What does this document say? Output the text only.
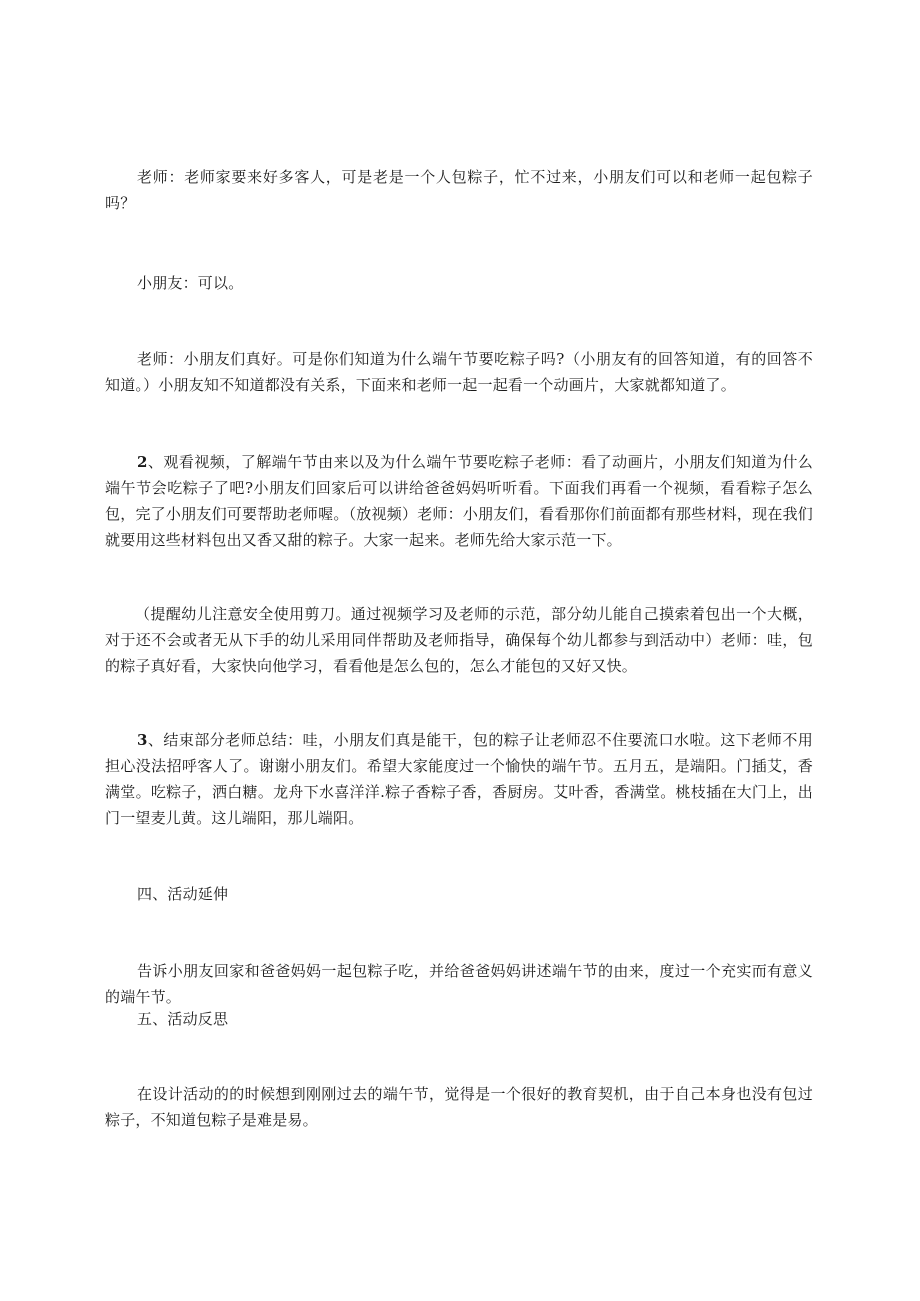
老师：老师家要来好多客人，可是老是一个人包粽子，忙不过来，小朋友们可以和老师一起包粽子吗？

小朋友：可以。

老师：小朋友们真好。可是你们知道为什么端午节要吃粽子吗?（小朋友有的回答知道，有的回答不知道。）小朋友知不知道都没有关系，下面来和老师一起一起看一个动画片，大家就都知道了。

2、观看视频，了解端午节由来以及为什么端午节要吃粽子老师：看了动画片，小朋友们知道为什么端午节会吃粽子了吧?小朋友们回家后可以讲给爸爸妈妈听听看。下面我们再看一个视频，看看粽子怎么包，完了小朋友们可要帮助老师喔。（放视频）老师：小朋友们，看看那你们前面都有那些材料，现在我们就要用这些材料包出又香又甜的粽子。大家一起来。老师先给大家示范一下。

（提醒幼儿注意安全使用剪刀。通过视频学习及老师的示范，部分幼儿能自己摸索着包出一个大概，对于还不会或者无从下手的幼儿采用同伴帮助及老师指导，确保每个幼儿都参与到活动中）老师：哇，包的粽子真好看，大家快向他学习，看看他是怎么包的，怎么才能包的又好又快。

3、结束部分老师总结：哇，小朋友们真是能干，包的粽子让老师忍不住要流口水啦。这下老师不用担心没法招呼客人了。谢谢小朋友们。希望大家能度过一个愉快的端午节。五月五，是端阳。门插艾，香满堂。吃粽子，洒白糖。龙舟下水喜洋洋.粽子香粽子香，香厨房。艾叶香，香满堂。桃枝插在大门上，出门一望麦儿黄。这儿端阳，那儿端阳。

四、活动延伸

告诉小朋友回家和爸爸妈妈一起包粽子吃，并给爸爸妈妈讲述端午节的由来，度过一个充实而有意义的端午节。

五、活动反思

在设计活动的的时候想到刚刚过去的端午节，觉得是一个很好的教育契机，由于自己本身也没有包过粽子，不知道包粽子是难是易。
